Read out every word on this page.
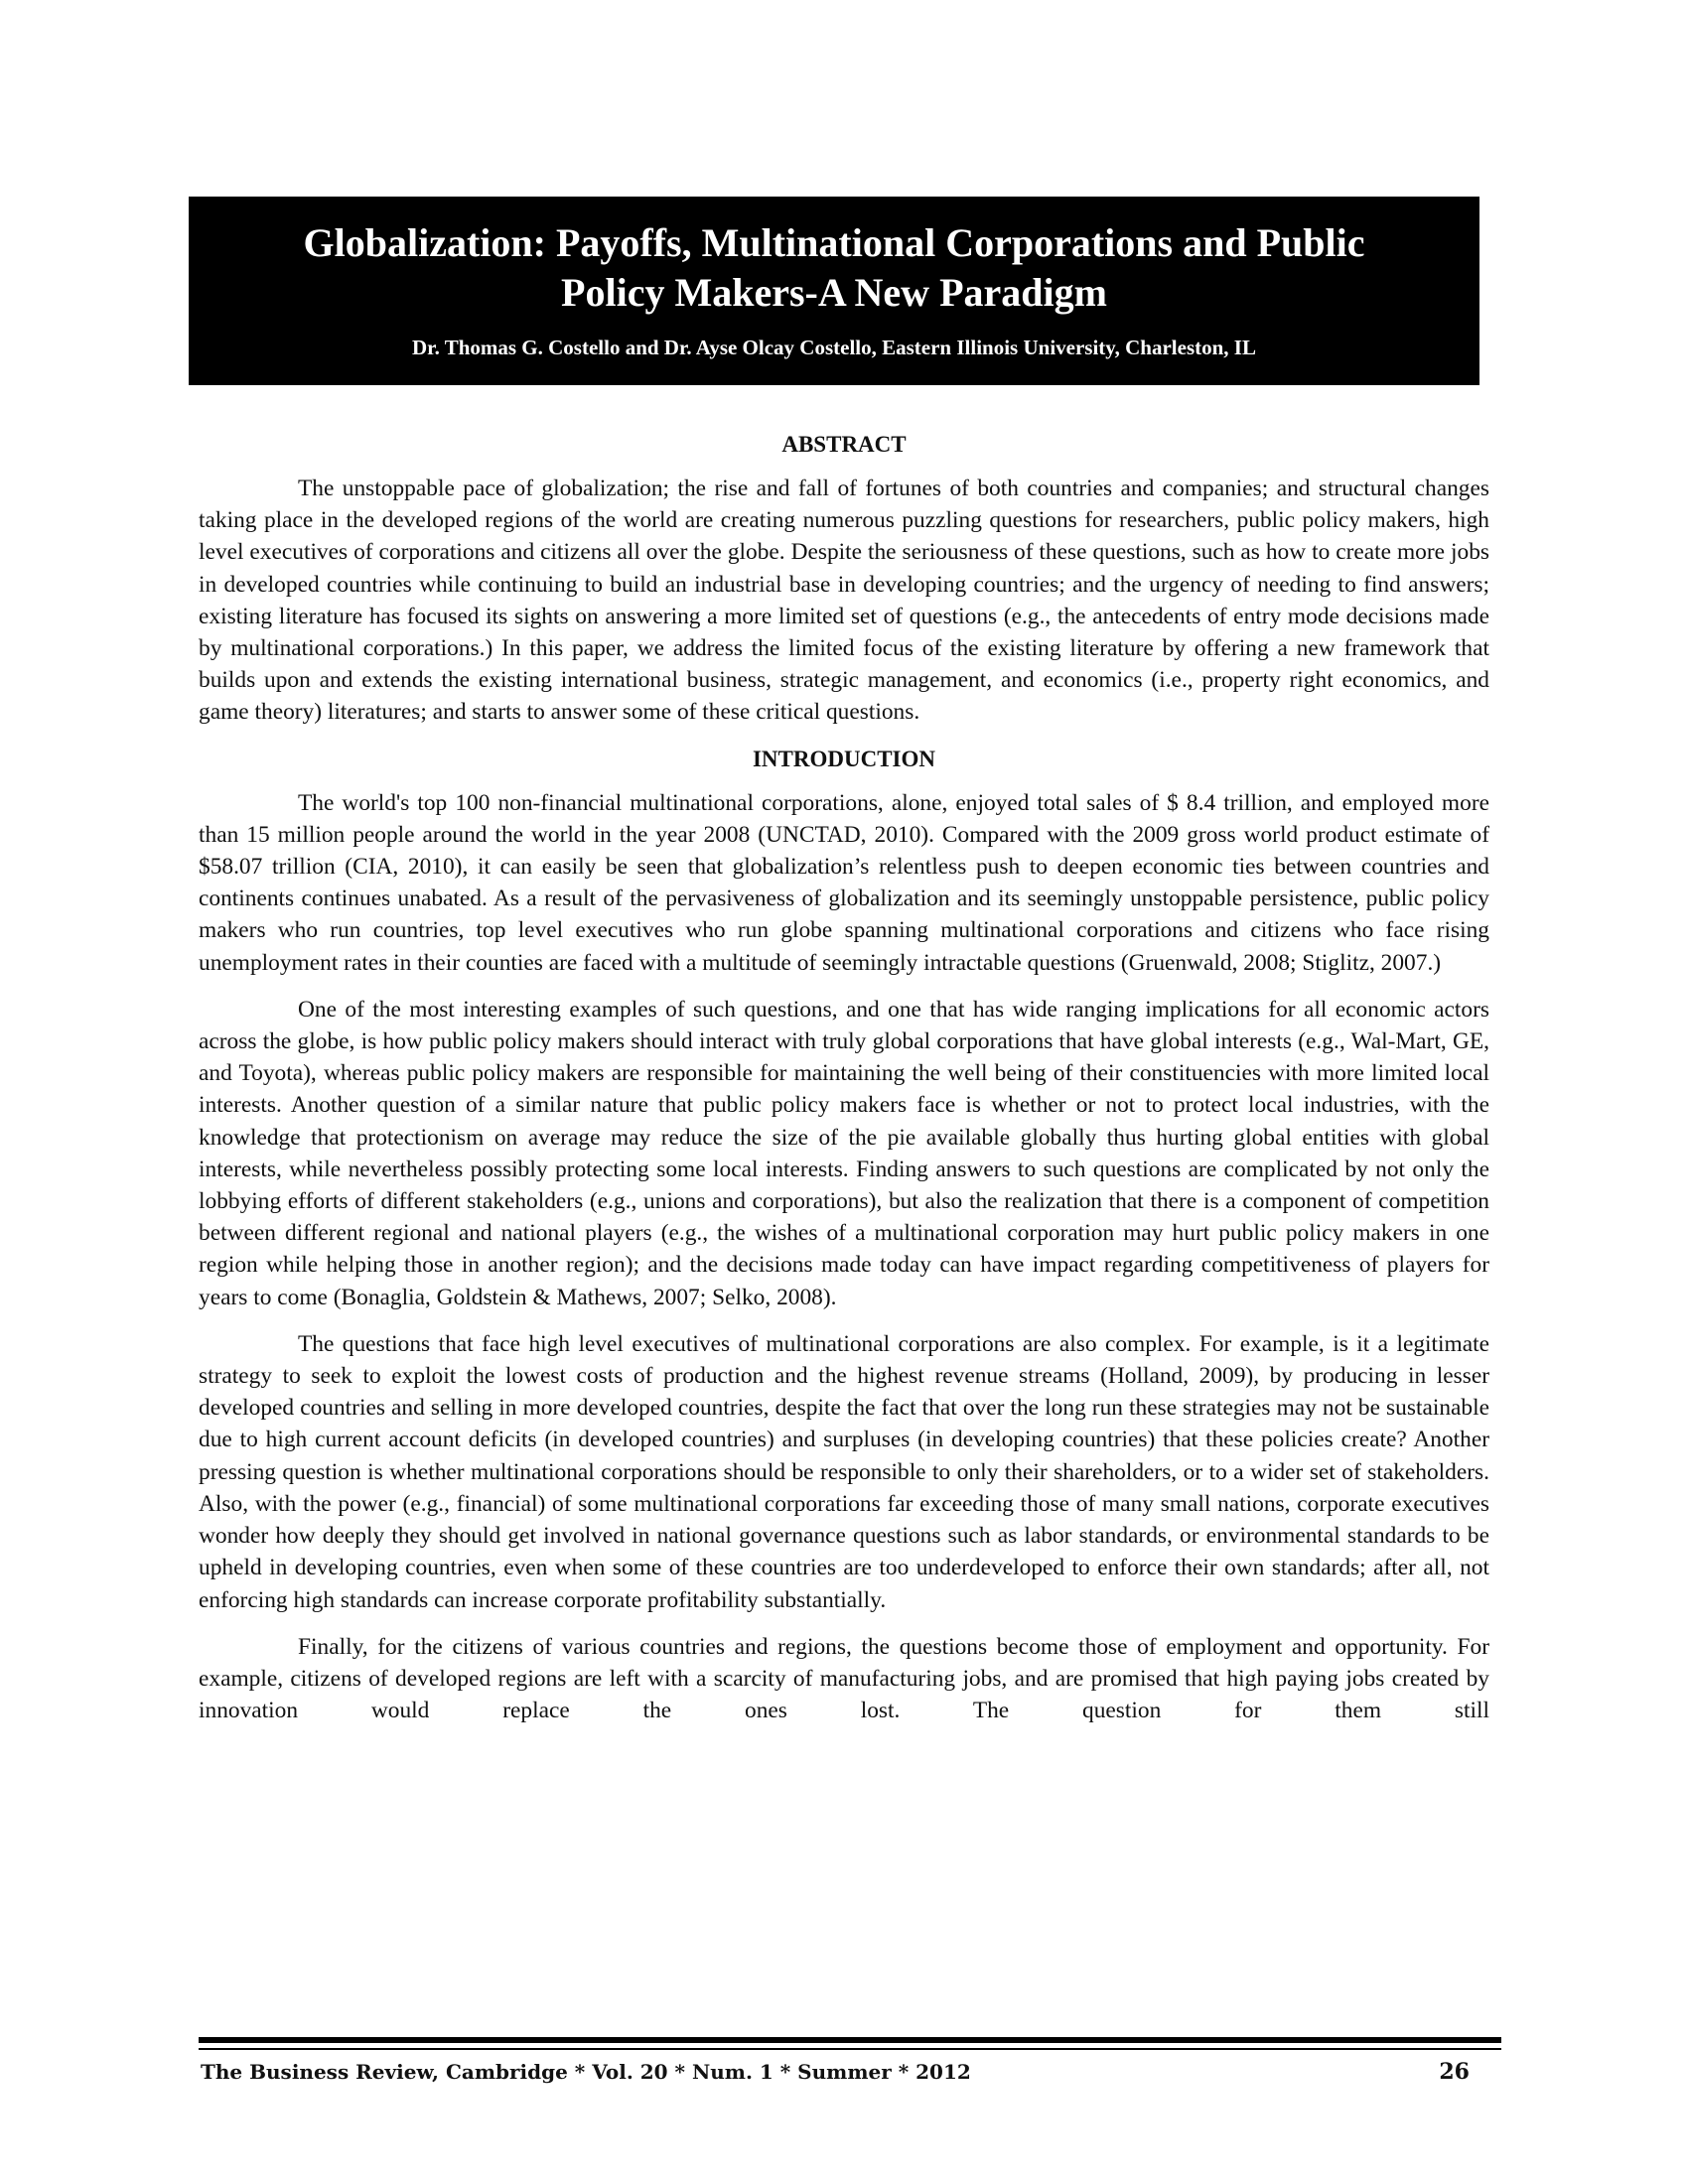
Globalization: Payoffs, Multinational Corporations and Public Policy Makers-A New Paradigm
Dr. Thomas G. Costello and Dr. Ayse Olcay Costello, Eastern Illinois University, Charleston, IL
ABSTRACT

The unstoppable pace of globalization; the rise and fall of fortunes of both countries and companies; and structural changes taking place in the developed regions of the world are creating numerous puzzling questions for researchers, public policy makers, high level executives of corporations and citizens all over the globe. Despite the seriousness of these questions, such as how to create more jobs in developed countries while continuing to build an industrial base in developing countries; and the urgency of needing to find answers; existing literature has focused its sights on answering a more limited set of questions (e.g., the antecedents of entry mode decisions made by multinational corporations.) In this paper, we address the limited focus of the existing literature by offering a new framework that builds upon and extends the existing international business, strategic management, and economics (i.e., property right economics, and game theory) literatures; and starts to answer some of these critical questions.

INTRODUCTION

The world's top 100 non-financial multinational corporations, alone, enjoyed total sales of $ 8.4 trillion, and employed more than 15 million people around the world in the year 2008 (UNCTAD, 2010). Compared with the 2009 gross world product estimate of $58.07 trillion (CIA, 2010), it can easily be seen that globalization’s relentless push to deepen economic ties between countries and continents continues unabated. As a result of the pervasiveness of globalization and its seemingly unstoppable persistence, public policy makers who run countries, top level executives who run globe spanning multinational corporations and citizens who face rising unemployment rates in their counties are faced with a multitude of seemingly intractable questions (Gruenwald, 2008; Stiglitz, 2007.)

One of the most interesting examples of such questions, and one that has wide ranging implications for all economic actors across the globe, is how public policy makers should interact with truly global corporations that have global interests (e.g., Wal-Mart, GE, and Toyota), whereas public policy makers are responsible for maintaining the well being of their constituencies with more limited local interests. Another question of a similar nature that public policy makers face is whether or not to protect local industries, with the knowledge that protectionism on average may reduce the size of the pie available globally thus hurting global entities with global interests, while nevertheless possibly protecting some local interests. Finding answers to such questions are complicated by not only the lobbying efforts of different stakeholders (e.g., unions and corporations), but also the realization that there is a component of competition between different regional and national players (e.g., the wishes of a multinational corporation may hurt public policy makers in one region while helping those in another region); and the decisions made today can have impact regarding competitiveness of players for years to come (Bonaglia, Goldstein & Mathews, 2007; Selko, 2008).

The questions that face high level executives of multinational corporations are also complex. For example, is it a legitimate strategy to seek to exploit the lowest costs of production and the highest revenue streams (Holland, 2009), by producing in lesser developed countries and selling in more developed countries, despite the fact that over the long run these strategies may not be sustainable due to high current account deficits (in developed countries) and surpluses (in developing countries) that these policies create? Another pressing question is whether multinational corporations should be responsible to only their shareholders, or to a wider set of stakeholders. Also, with the power (e.g., financial) of some multinational corporations far exceeding those of many small nations, corporate executives wonder how deeply they should get involved in national governance questions such as labor standards, or environmental standards to be upheld in developing countries, even when some of these countries are too underdeveloped to enforce their own standards; after all, not enforcing high standards can increase corporate profitability substantially.

Finally, for the citizens of various countries and regions, the questions become those of employment and opportunity. For example, citizens of developed regions are left with a scarcity of manufacturing jobs, and are promised that high paying jobs created by innovation would replace the ones lost. The question for them still

The Business Review, Cambridge * Vol. 20 * Num. 1 * Summer * 2012	26
